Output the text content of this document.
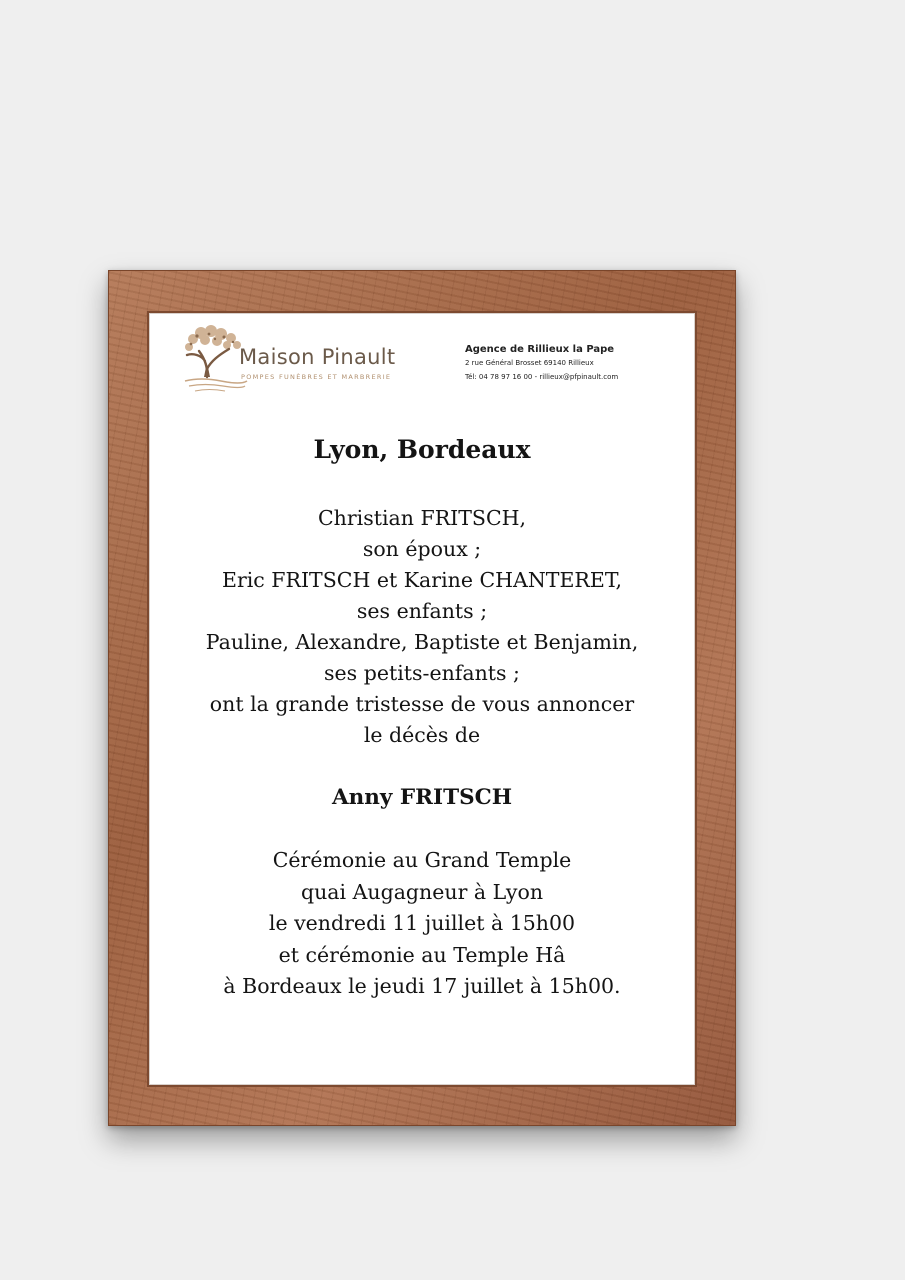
Maison Pinault
POMPES FUNÈBRES ET MARBRERIE
Agence de Rillieux la Pape
2 rue Général Brosset 69140 Rillieux
Tél: 04 78 97 16 00 - rillieux@pfpinault.com
Lyon, Bordeaux
Christian FRITSCH,
son époux ;
Eric FRITSCH et Karine CHANTERET,
ses enfants ;
Pauline, Alexandre, Baptiste et Benjamin,
ses petits-enfants ;
ont la grande tristesse de vous annoncer
le décès de
Anny FRITSCH
Cérémonie au Grand Temple
quai Augagneur à Lyon
le vendredi 11 juillet à 15h00
et cérémonie au Temple Hâ
à Bordeaux le jeudi 17 juillet à 15h00.
